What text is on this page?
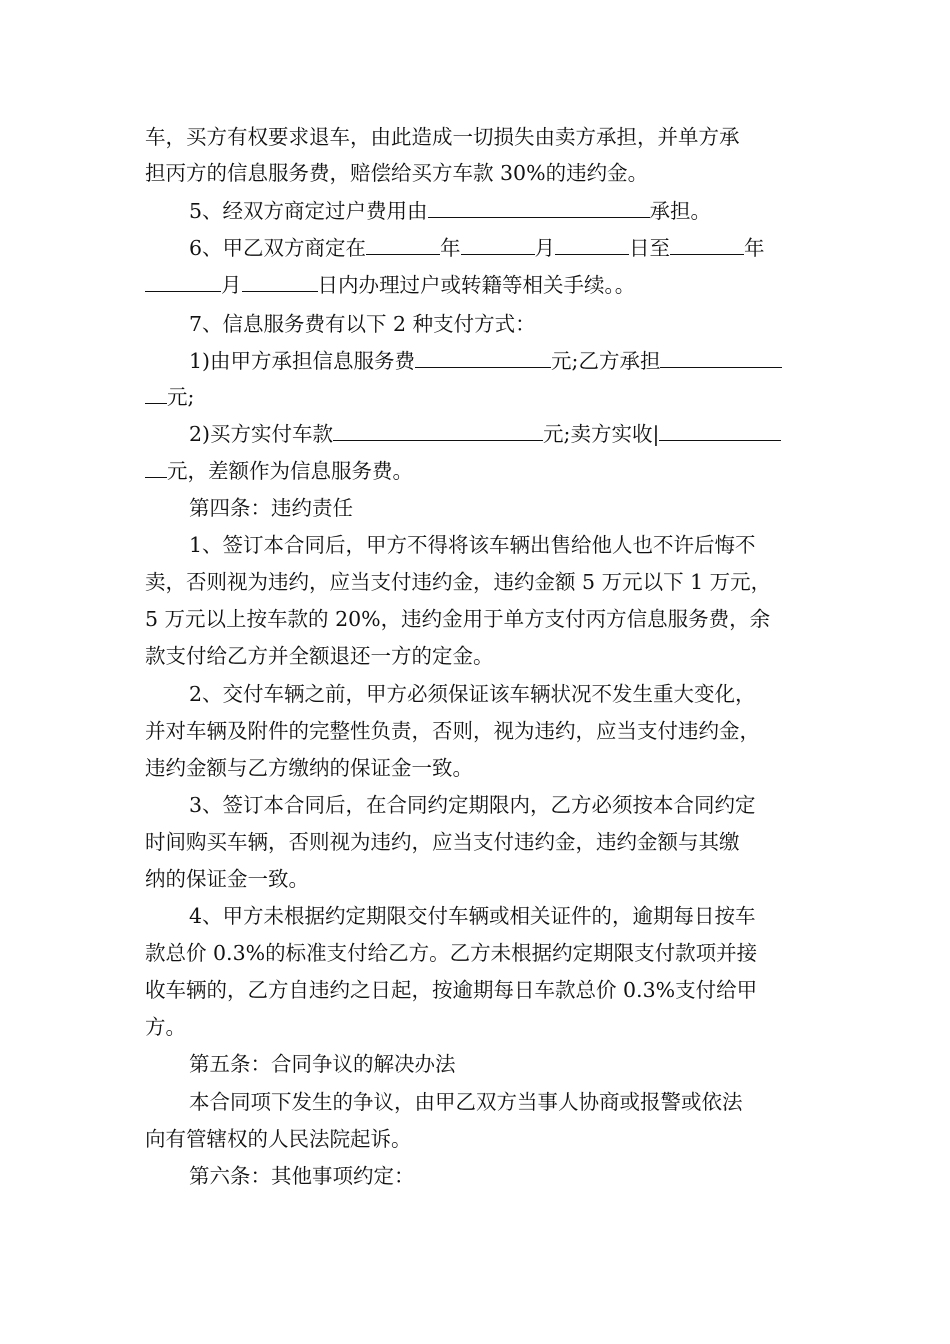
车，买方有权要求退车，由此造成一切损失由卖方承担，并单方承
担丙方的信息服务费，赔偿给买方车款 30%的违约金。
5、经双方商定过户费用由	承担。
6、甲乙双方商定在	年	月	日至	年
月	日内办理过户或转籍等相关手续。。
7、信息服务费有以下 2 种支付方式：
1)由甲方承担信息服务费	元;乙方承担
元;
2)买方实付车款	元;卖方实收|
元，差额作为信息服务费。
第四条：违约责任
1、签订本合同后，甲方不得将该车辆出售给他人也不许后悔不
卖，否则视为违约，应当支付违约金，违约金额 5 万元以下 1 万元，
5 万元以上按车款的 20%，违约金用于单方支付丙方信息服务费，余
款支付给乙方并全额退还一方的定金。
2、交付车辆之前，甲方必须保证该车辆状况不发生重大变化，
并对车辆及附件的完整性负责，否则，视为违约，应当支付违约金，
违约金额与乙方缴纳的保证金一致。
3、签订本合同后，在合同约定期限内，乙方必须按本合同约定
时间购买车辆，否则视为违约，应当支付违约金，违约金额与其缴
纳的保证金一致。
4、甲方未根据约定期限交付车辆或相关证件的，逾期每日按车
款总价 0.3%的标准支付给乙方。乙方未根据约定期限支付款项并接
收车辆的，乙方自违约之日起，按逾期每日车款总价 0.3%支付给甲
方。
第五条：合同争议的解决办法
本合同项下发生的争议，由甲乙双方当事人协商或报警或依法
向有管辖权的人民法院起诉。
第六条：其他事项约定：
